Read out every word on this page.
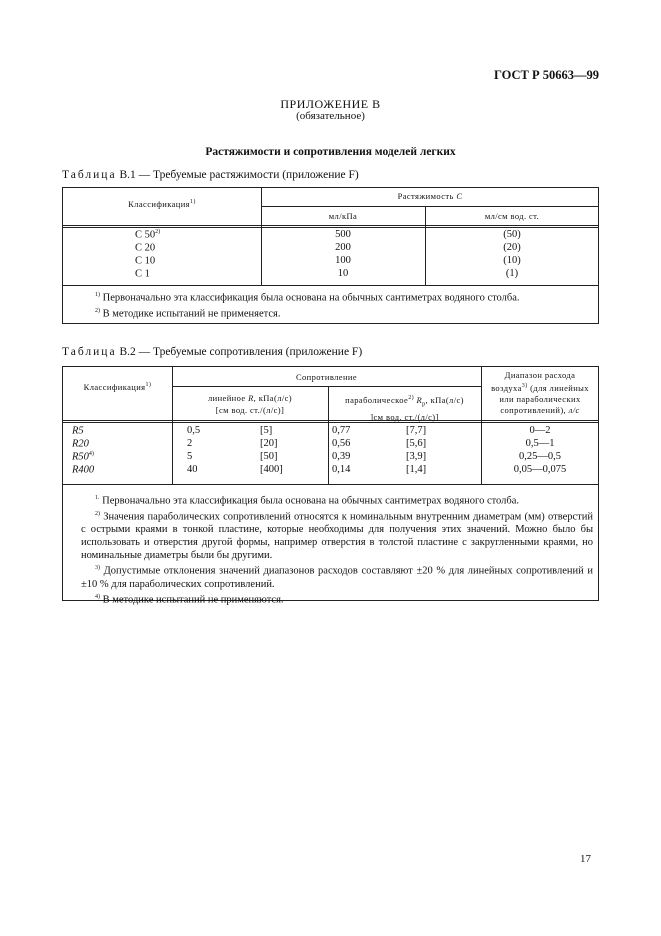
ГОСТ Р 50663—99
ПРИЛОЖЕНИЕ В
(обязательное)
Растяжимости и сопротивления моделей легких
Таблица В.1 — Требуемые растяжимости (приложение F)
Классификация$^{1)}$
Растяжимость С
мл/кПа	мл/см вод. ст.
C 50$^{2)}$	500	(50)
C 20	200	(20)
C 10	100	(10)
C 1	10	(1)
$^{1)}$ Первоначально эта классификация была основана на обычных сантиметрах водяного столба.
$^{2)}$ В методике испытаний не применяется.
Таблица В.2 — Требуемые сопротивления (приложение F)
Классификация$^{1)}$
Сопротивление
линейное R, кПа(л/с)
[см вод. ст./(л/с)]
параболическое$^{2)}$ $R_p$, кПа(л/с)
]см вод. ст./(л/с)]
Диапазон расхода
воздуха$^{3)}$ (для линейных
или параболических
сопротивлений), л/с
R5	0,5	[5]	0,77	[7,7]	0—2
R20	2	[20]	0,56	[5,6]	0,5—1
R50$^{4)}$	5	[50]	0,39	[3,9]	0,25—0,5
R400	40	[400]	0,14	[1,4]	0,05—0,075
$^{1.}$ Первоначально эта классификация была основана на обычных сантиметрах водяного столба.
$^{2)}$ Значения параболических сопротивлений относятся к номинальным внутренним диаметрам (мм) отверстий с острыми краями в тонкой пластине, которые необходимы для получения этих значений. Можно было бы использовать и отверстия другой формы, например отверстия в толстой пластине с закругленными краями, но номинальные диаметры были бы другими.
$^{3)}$ Допустимые отклонения значений диапазонов расходов составляют ±20 % для линейных сопротивлений и ±10 % для параболических сопротивлений.
$^{4)}$ В методике испытаний не применяются.
17
